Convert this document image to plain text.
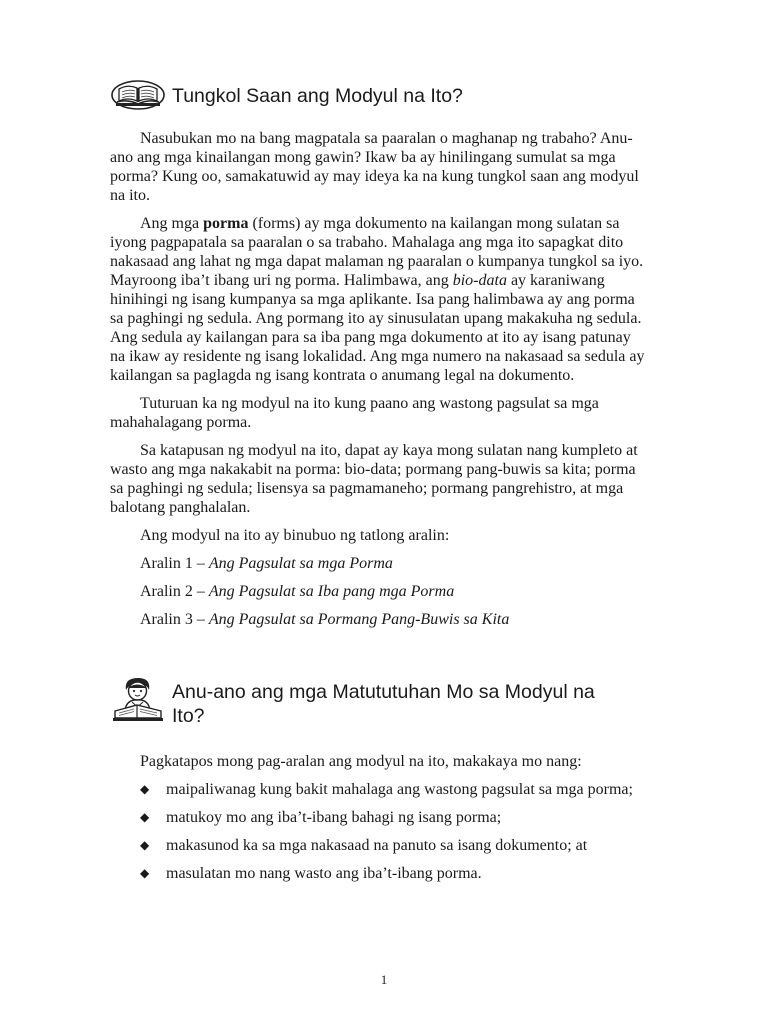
Tungkol Saan ang Modyul na Ito?

Nasubukan mo na bang magpatala sa paaralan o maghanap ng trabaho? Anu-ano ang mga kinailangan mong gawin? Ikaw ba ay hinilingang sumulat sa mga porma? Kung oo, samakatuwid ay may ideya ka na kung tungkol saan ang modyul na ito.

Ang mga porma (forms) ay mga dokumento na kailangan mong sulatan sa iyong pagpapatala sa paaralan o sa trabaho. Mahalaga ang mga ito sapagkat dito nakasaad ang lahat ng mga dapat malaman ng paaralan o kumpanya tungkol sa iyo. Mayroong iba’t ibang uri ng porma. Halimbawa, ang bio-data ay karaniwang hinihingi ng isang kumpanya sa mga aplikante. Isa pang halimbawa ay ang porma sa paghingi ng sedula. Ang pormang ito ay sinusulatan upang makakuha ng sedula. Ang sedula ay kailangan para sa iba pang mga dokumento at ito ay isang patunay na ikaw ay residente ng isang lokalidad. Ang mga numero na nakasaad sa sedula ay kailangan sa paglagda ng isang kontrata o anumang legal na dokumento.

Tuturuan ka ng modyul na ito kung paano ang wastong pagsulat sa mga mahahalagang porma.

Sa katapusan ng modyul na ito, dapat ay kaya mong sulatan nang kumpleto at wasto ang mga nakakabit na porma: bio-data; pormang pang-buwis sa kita; porma sa paghingi ng sedula; lisensya sa pagmamaneho; pormang pangrehistro, at mga balotang panghalalan.

Ang modyul na ito ay binubuo ng tatlong aralin:

Aralin 1 – Ang Pagsulat sa mga Porma

Aralin 2 – Ang Pagsulat sa Iba pang mga Porma

Aralin 3 – Ang Pagsulat sa Pormang Pang-Buwis sa Kita

Anu-ano ang mga Matututuhan Mo sa Modyul na Ito?

Pagkatapos mong pag-aralan ang modyul na ito, makakaya mo nang:

◆ maipaliwanag kung bakit mahalaga ang wastong pagsulat sa mga porma;
◆ matukoy mo ang iba’t-ibang bahagi ng isang porma;
◆ makasunod ka sa mga nakasaad na panuto sa isang dokumento; at
◆ masulatan mo nang wasto ang iba’t-ibang porma.
1
